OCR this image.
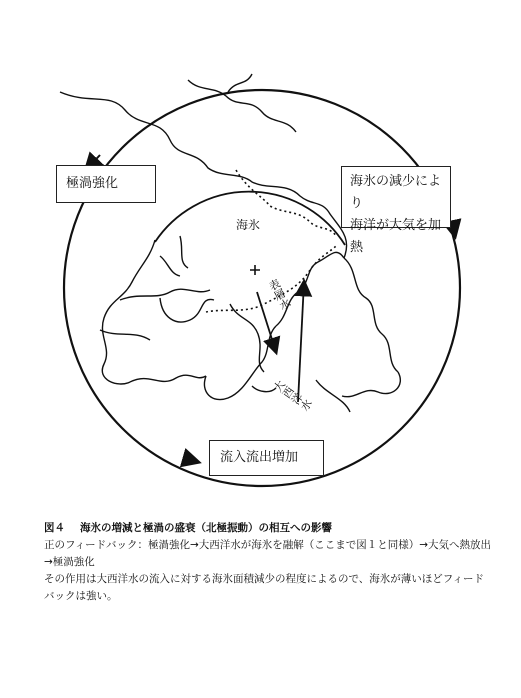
極渦強化	海氷の減少により

海洋が大気を加熱

流入流出増加
海氷
表層水
大西洋水

図４ 海氷の増減と極渦の盛衰（北極振動）の相互への影響

正のフィードバック：極渦強化→大西洋水が海氷を融解（ここまで図１と同様）→大気へ熱放出

→極渦強化

その作用は大西洋水の流入に対する海氷面積減少の程度によるので、海氷が薄いほどフィード

バックは強い。
